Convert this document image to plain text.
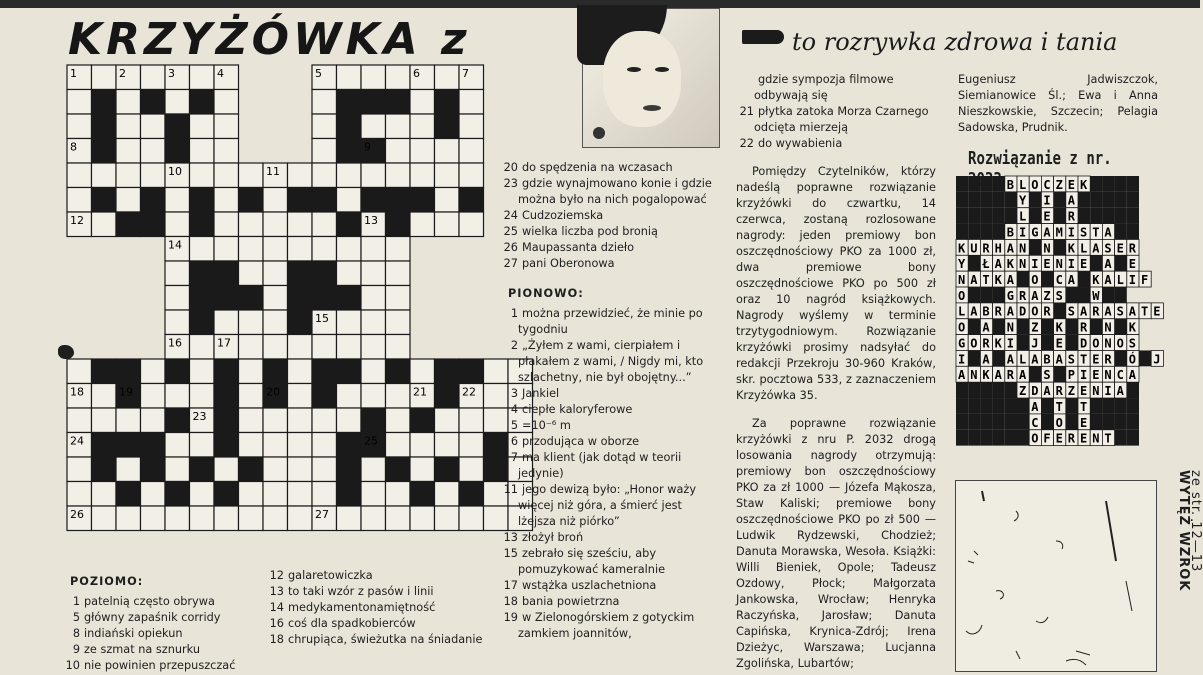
KRZYŻÓWKA z	to rozrywka zdrowa i tania
1	2	3	4	5	6	7
8	9
10	11
12	13
14
15
16	17
18	19	20	21	22
23
24	25
26	27
POZIOMO:
1 patelnią często obrywa
5 główny zapaśnik corridy
8 indiański opiekun
9 ze szmat na sznurku
10 nie powinien przepuszczać
12 galaretowiczka
13 to taki wzór z pasów i linii
14 medykamentonamiętność
16 coś dla spadkobierców
18 chrupiąca, świeżutka na śniadanie
20 do spędzenia na wczasach
23 gdzie wynajmowano konie i gdzie można było na nich pogalopować
24 Cudzoziemska
25 wielka liczba pod bronią
26 Maupassanta dzieło
27 pani Oberonowa
PIONOWO:
1 można przewidzieć, że minie po tygodniu
2 „Żyłem z wami, cierpiałem i płakałem z wami, / Nigdy mi, kto szlachetny, nie był obojętny...”
3 Jankiel
4 ciepłe kaloryferowe
5 =10⁻⁶ m
6 przodująca w oborze
7 ma klient (jak dotąd w teorii jedynie)
11 jego dewizą było: „Honor waży więcej niż góra, a śmierć jest lżejsza niż piórko”
13 złożył broń
15 zebrało się sześciu, aby pomuzykować kameralnie
17 wstążka uszlachetniona
18 bania powietrzna
19 w Zielonogórskiem z gotyckim zamkiem joannitów,
gdzie sympozja filmowe odbywają się
21 płytka zatoka Morza Czarnego odcięta mierzeją
22 do wywabienia
Pomiędzy Czytelników, którzy nadeślą poprawne rozwiązanie krzyżówki do czwartku, 14 czerwca, zostaną rozlosowane nagrody: jeden premiowy bon oszczędnościowy PKO za 1000 zł, dwa premiowe bony oszczędnościowe PKO po 500 zł oraz 10 nagród książkowych. Nagrody wyślemy w terminie trzytygodniowym. Rozwiązanie krzyżówki prosimy nadsyłać do redakcji Przekroju 30-960 Kraków, skr. pocztowa 533, z zaznaczeniem Krzyżówka 35.
Za poprawne rozwiązanie krzyżówki z nru P. 2032 drogą losowania nagrody otrzymują: premiowy bon oszczędnościowy PKO za zł 1000 — Józefa Mąkosza, Staw Kaliski; premiowe bony oszczędnościowe PKO po zł 500 — Ludwik Rydzewski, Chodzież; Danuta Morawska, Wesoła. Książki: Willi Bieniek, Opole; Tadeusz Ozdowy, Płock; Małgorzata Jankowska, Wrocław; Henryka Raczyńska, Jarosław; Danuta Capińska, Krynica-Zdrój; Irena Dzieżyc, Warszawa; Lucjanna Zgolińska, Lubartów;
Eugeniusz Jadwiszczok, Siemianowice Śl.; Ewa i Anna Nieszkowskie, Szczecin; Pelagia Sadowska, Prudnik.
Rozwiązanie z nr.
B L O C Z E K
Y I A
L E R
B I G A M I S T A
K U R H A N N K L A S E R
Y Ł A K N I E N I E A E
N A T K A O C A K A L I F
O	G R A Z S W
L A B R A D O R S A R A S A T E
O A N Z K R N K
G O R K I J E D O N O S
I A A L A B A S T E R Ó J
A N K A R A S P I E N C A
Z D A R Z E N I A
A T T
C O E
O F E R E N T
WYTĘŻ WZROK
ze str. 12—13
